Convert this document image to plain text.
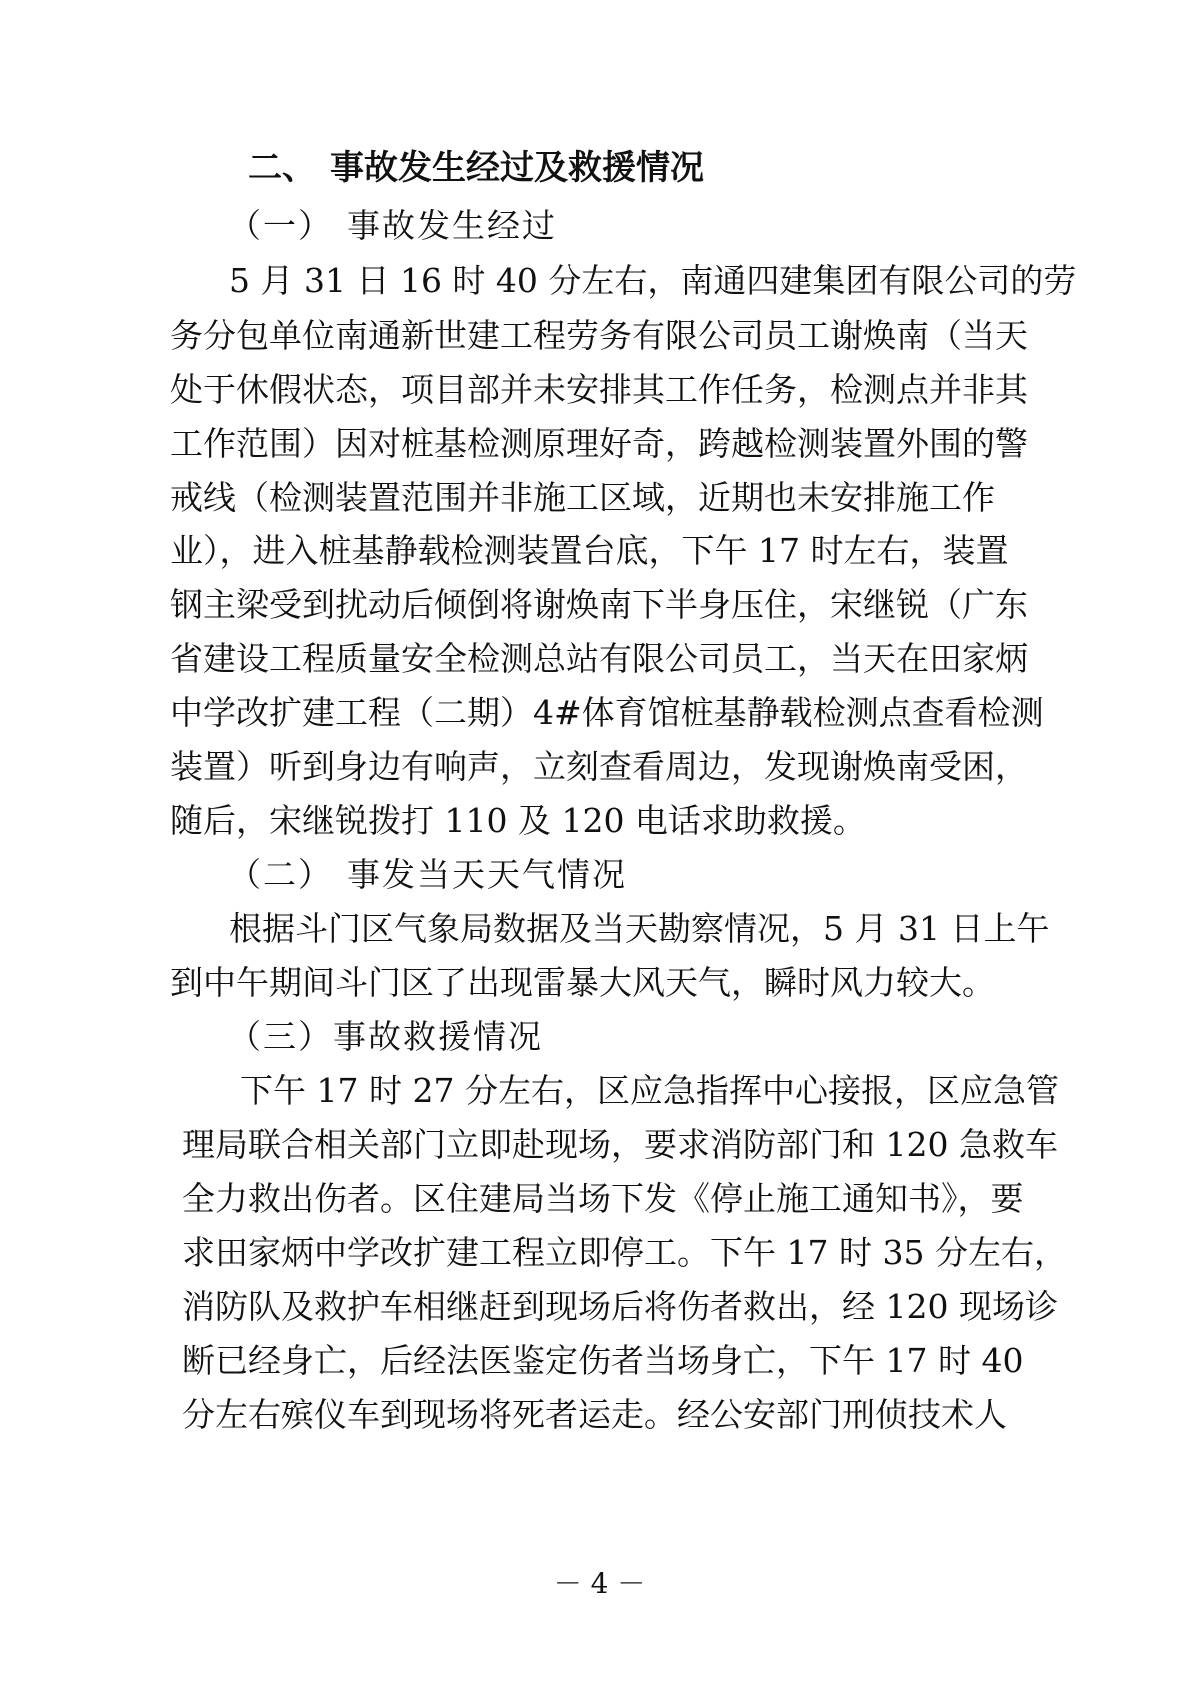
二、 事故发生经过及救援情况

（一） 事故发生经过

5 月 31 日 16 时 40 分左右，南通四建集团有限公司的劳

务分包单位南通新世建工程劳务有限公司员工谢焕南（当天

处于休假状态，项目部并未安排其工作任务，检测点并非其

工作范围）因对桩基检测原理好奇，跨越检测装置外围的警

戒线（检测装置范围并非施工区域，近期也未安排施工作

业），进入桩基静载检测装置台底，下午 17 时左右，装置

钢主梁受到扰动后倾倒将谢焕南下半身压住，宋继锐（广东

省建设工程质量安全检测总站有限公司员工，当天在田家炳

中学改扩建工程（二期）4#体育馆桩基静载检测点查看检测

装置）听到身边有响声，立刻查看周边，发现谢焕南受困，

随后，宋继锐拨打 110 及 120 电话求助救援。

（二） 事发当天天气情况

根据斗门区气象局数据及当天勘察情况，5 月 31 日上午

到中午期间斗门区了出现雷暴大风天气，瞬时风力较大。

（三）事故救援情况

下午 17 时 27 分左右，区应急指挥中心接报，区应急管

理局联合相关部门立即赴现场，要求消防部门和 120 急救车

全力救出伤者。区住建局当场下发《停止施工通知书》，要

求田家炳中学改扩建工程立即停工。下午 17 时 35 分左右，

消防队及救护车相继赶到现场后将伤者救出，经 120 现场诊

断已经身亡，后经法医鉴定伤者当场身亡，下午 17 时 40

分左右殡仪车到现场将死者运走。经公安部门刑侦技术人

－ 4 －
